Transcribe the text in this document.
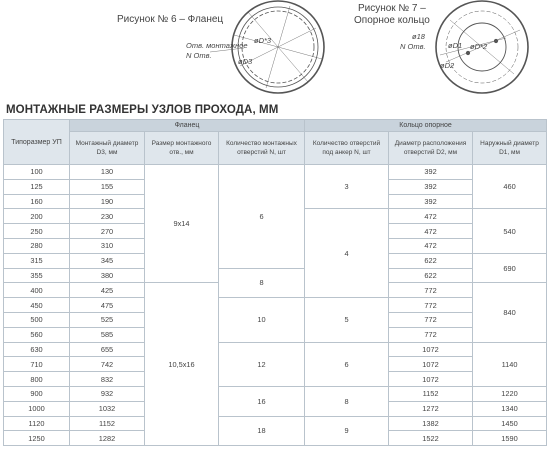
Рисунок № 6 – Фланец
Отв. монтажное
N Отв.
øD*3
øD3
Рисунок № 7 –
Опорное кольцо
ø18
N Отв.	øD1 øD*2
øD2
МОНТАЖНЫЕ РАЗМЕРЫ УЗЛОВ ПРОХОДА, ММ
Типоразмер УП	Фланец			Кольцо опорное		
	Монтажный диаметр D3, мм	Размер монтажного отв., мм	Количество монтажных отверстий N, шт	Количество отверстий под анкер N, шт	Диаметр расположения отверстий D2, мм	Наружный диаметр D1, мм
100	130	9х14	6	3	392	460
125	155				392	
160	190				392	
200	230			4	472	540
250	270				472	
280	310				472	
315	345				622	690
355	380		8		622	
400	425	10,5х16			772	840
450	475		10	5	772	
500	525				772	
560	585				772	
630	655		12	6	1072	1140
710	742				1072	
800	832				1072	
900	932		16	8	1152	1220
1000	1032				1272	1340
1120	1152		18	9	1382	1450
1250	1282				1522	1590
